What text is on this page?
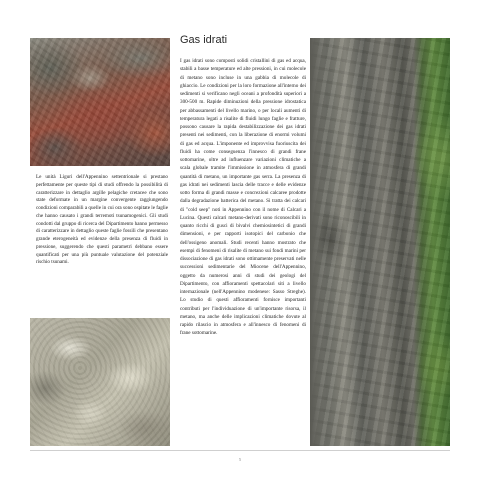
Le unità Liguri dell'Appennino settentrionale si prestano perfettamente per queste tipi di studi offrendo la possibilità di caratterizzare in dettaglio argille pelagiche cretacee che sono state deformate in un margine convergente raggiungendo condizioni comparabili a quelle in cui ora sono ospitate le faglie che hanno causato i grandi terremoti tsunamogenici. Gli studi condotti dal gruppo di ricerca del Dipartimento hanno permesso di caratterizzare in dettaglio queste faglie fossili che presentano grande eterogeneità ed evidenze della presenza di fluidi in pressione, suggerendo che questi parametri debbano essere quantificati per una più puntuale valutazione del potenziale rischio tsunami.

Gas idrati

I gas idrati sono composti solidi cristallini di gas ed acqua, stabili a basse temperature ed alte pressioni, in cui molecole di metano sono incluse in una gabbia di molecole di ghiaccio. Le condizioni per la loro formazione all'interno dei sedimenti si verificano negli oceani a profondità superiori a 300-500 m. Rapide diminuzioni della pressione idrostatica per abbassamenti del livello marino, o per locali aumenti di temperatura legati a risalite di fluidi lungo faglie e fratture, possono causare la rapida destabilizzazione dei gas idrati presenti nei sedimenti, con la liberazione di enormi volumi di gas ed acqua. L'imponente ed improvvisa fuoriuscita dei fluidi ha come conseguenza l'innesco di grandi frane sottomarine, oltre ad influenzare variazioni climatiche a scala globale tramite l'immissione in atmosfera di grandi quantità di metano, un importante gas serra. La presenza di gas idrati nei sedimenti lascia delle tracce e delle evidenze sotto forma di grandi masse e concrezioni calcaree prodotte dalla degradazione batterica del metano. Si tratta dei calcari di "cold seep" noti in Appennino con il nome di Calcari a Lucina. Questi calcari metano-derivati sono riconoscibili in quanto ricchi di gusci di bivalvi chemiosintetici di grandi dimensioni, e per rapporti isotopici del carbonio che dell'ossigeno anomali. Studi recenti hanno mostrato che esempi di fenomeni di risalite di metano sui fondi marini per dissociazione di gas idrati sono ottimamente preservati nelle successioni sedimentarie del Miocene dell'Appennino, oggetto da numerosi anni di studi dei geologi del Dipartimento, con affioramenti spettacolari siti a livello internazionale (nell'Appennino modenese: Sasso Streghe). Lo studio di questi affioramenti fornisce importanti contributi per l'individuazione di un'importante risorsa, il metano, ma anche delle implicazioni climatiche dovute al rapido rilascio in atmosfera e all'innesco di fenomeni di frane sottomarine.

5
